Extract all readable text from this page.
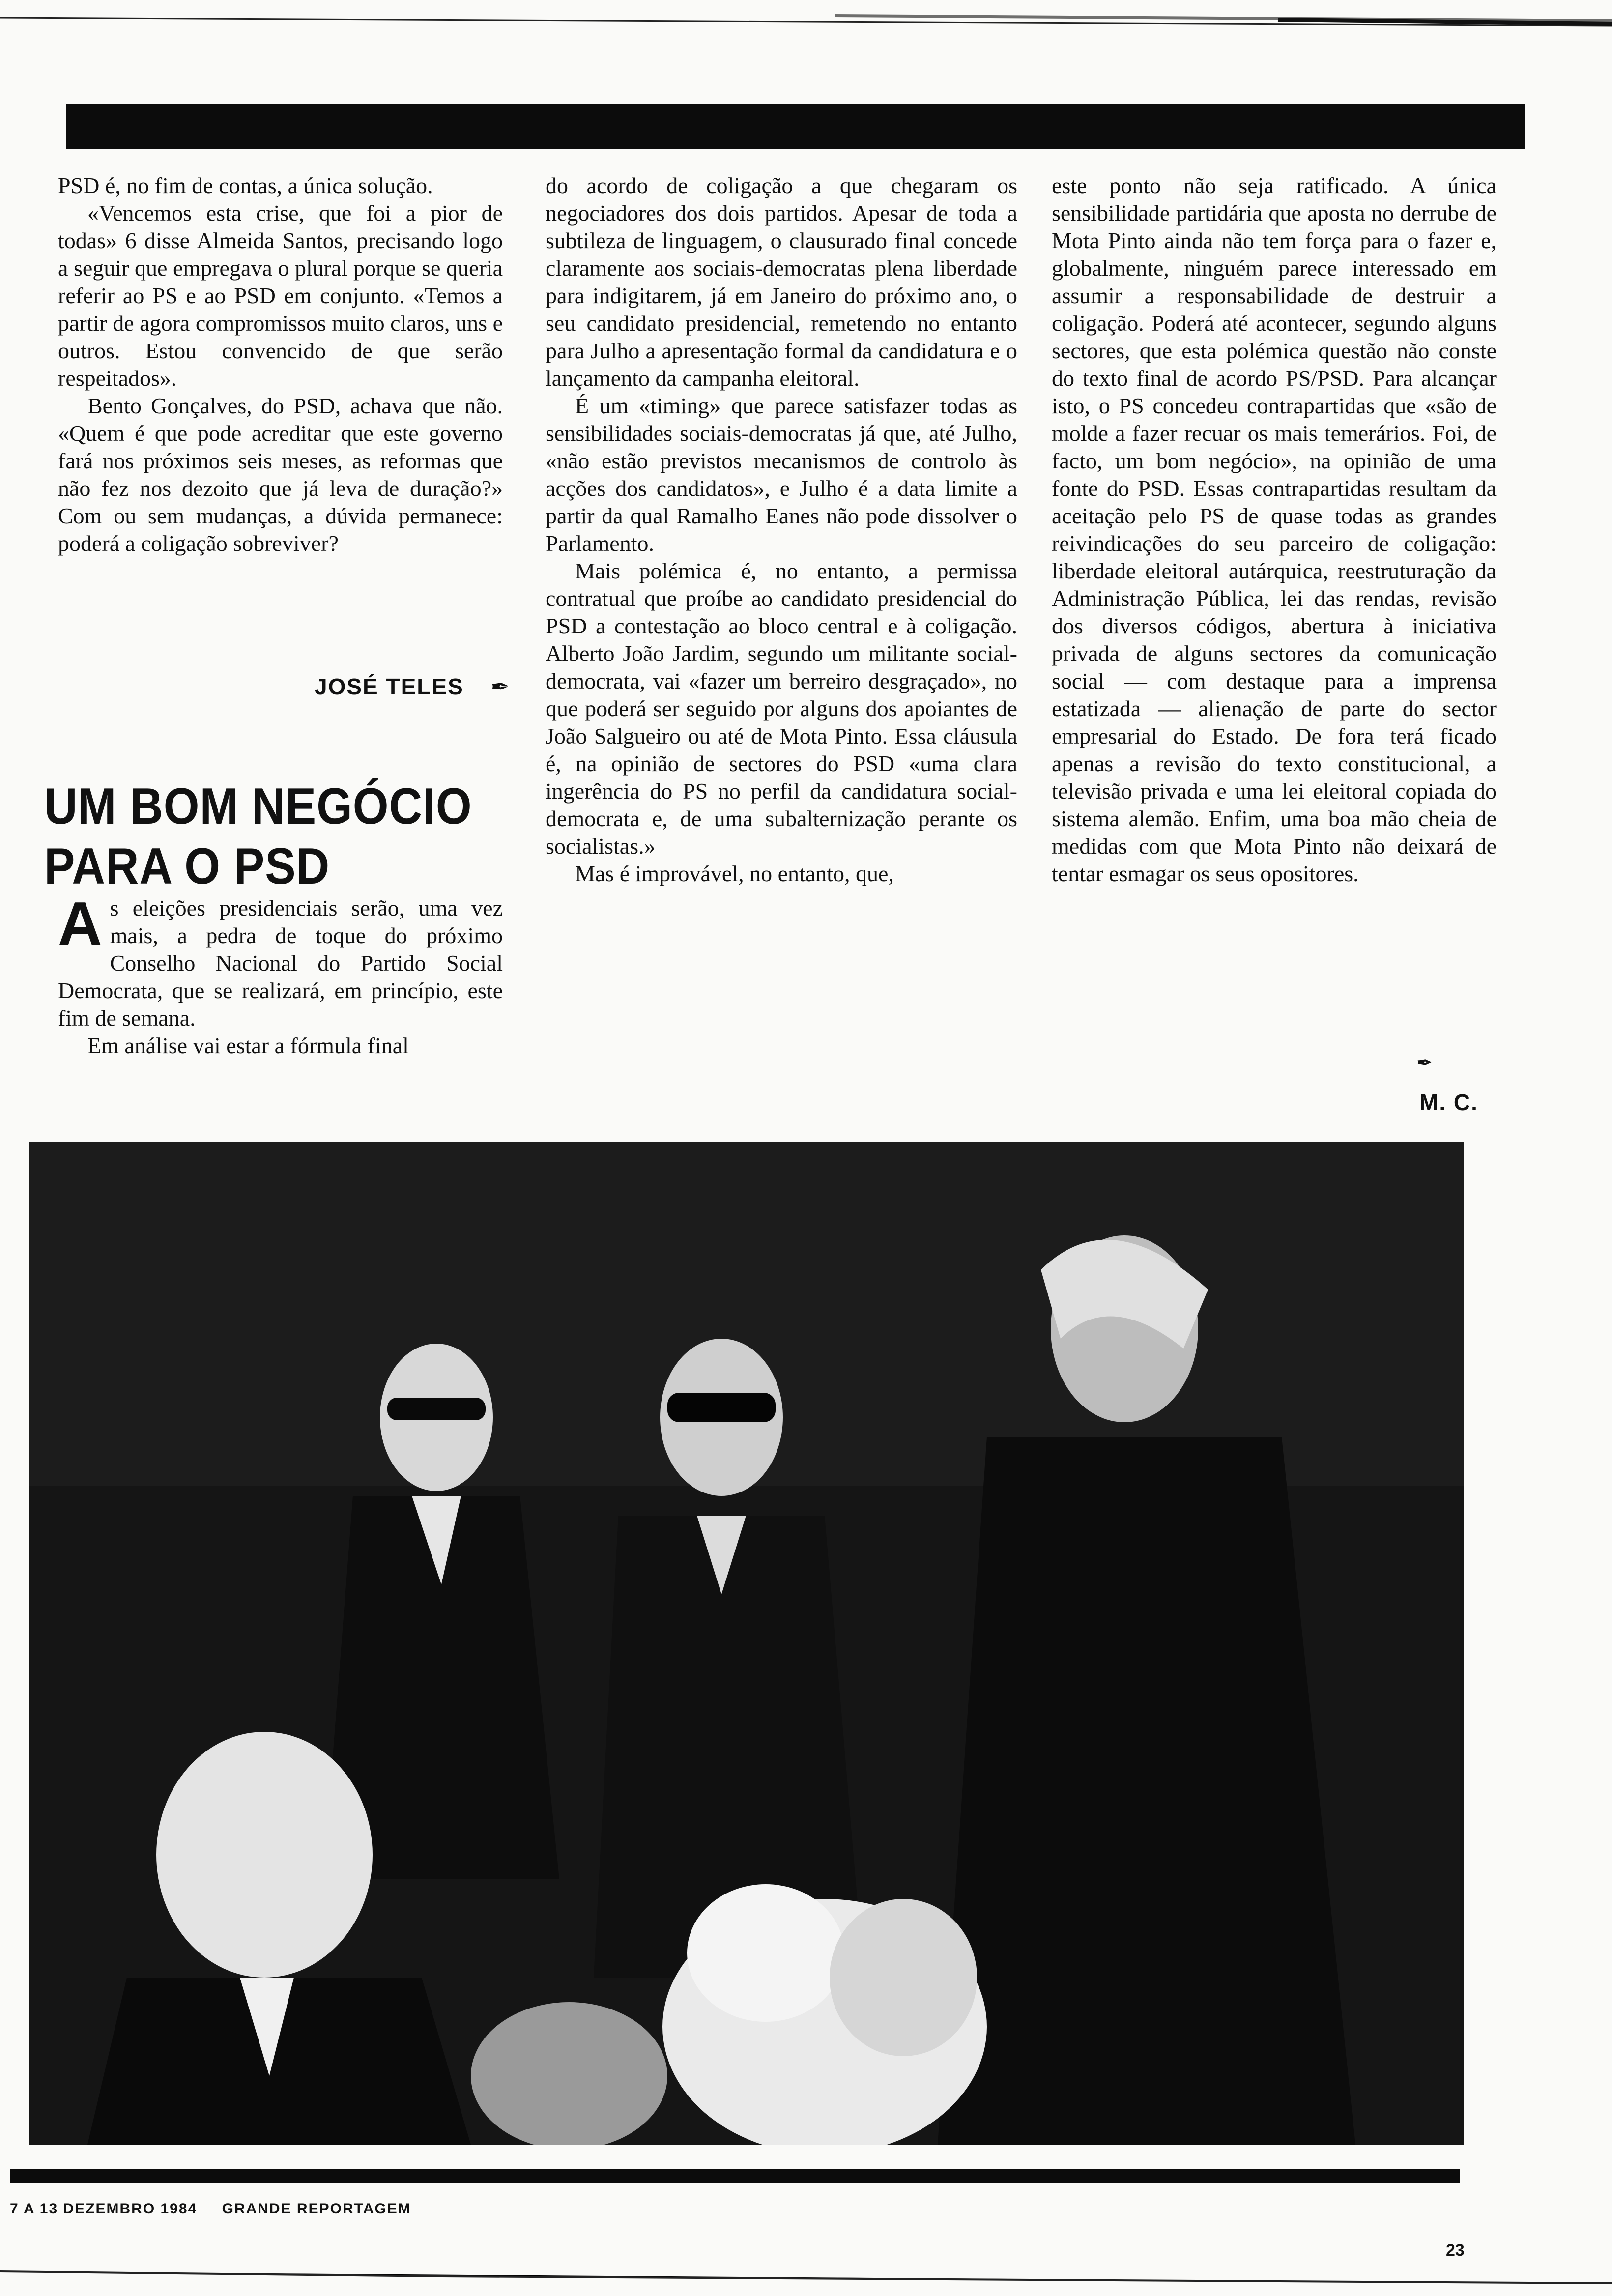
PSD é, no fim de contas, a única solução.

«Vencemos esta crise, que foi a pior de todas» 6 disse Almeida Santos, precisando logo a seguir que empregava o plural porque se queria referir ao PS e ao PSD em conjunto. «Temos a partir de agora compromissos muito claros, uns e outros. Estou convencido de que serão respeitados».

Bento Gonçalves, do PSD, achava que não. «Quem é que pode acreditar que este governo fará nos próximos seis meses, as reformas que não fez nos dezoito que já leva de duração?» Com ou sem mudanças, a dúvida permanece: poderá a coligação sobreviver?

JOSÉ TELES ✒
UM BOM NEGÓCIO
PARA O PSD
A s eleições presidenciais serão, uma vez mais, a pedra de toque do próximo Conselho Nacional do Partido Social Democrata, que se realizará, em princípio, este fim de semana.

Em análise vai estar a fórmula final

do acordo de coligação a que chegaram os negociadores dos dois partidos. Apesar de toda a subtileza de linguagem, o clausurado final concede claramente aos sociais-democratas plena liberdade para indigitarem, já em Janeiro do próximo ano, o seu candidato presidencial, remetendo no entanto para Julho a apresentação formal da candidatura e o lançamento da campanha eleitoral.

É um «timing» que parece satisfazer todas as sensibilidades sociais-democratas já que, até Julho, «não estão previstos mecanismos de controlo às acções dos candidatos», e Julho é a data limite a partir da qual Ramalho Eanes não pode dissolver o Parlamento.

Mais polémica é, no entanto, a permissa contratual que proíbe ao candidato presidencial do PSD a contestação ao bloco central e à coligação. Alberto João Jardim, segundo um militante social-democrata, vai «fazer um berreiro desgraçado», no que poderá ser seguido por alguns dos apoiantes de João Salgueiro ou até de Mota Pinto. Essa cláusula é, na opinião de sectores do PSD «uma clara ingerência do PS no perfil da candidatura social-democrata e, de uma subalternização perante os socialistas.»

Mas é improvável, no entanto, que,

este ponto não seja ratificado. A única sensibilidade partidária que aposta no derrube de Mota Pinto ainda não tem força para o fazer e, globalmente, ninguém parece interessado em assumir a responsabilidade de destruir a coligação. Poderá até acontecer, segundo alguns sectores, que esta polémica questão não conste do texto final de acordo PS/PSD. Para alcançar isto, o PS concedeu contrapartidas que «são de molde a fazer recuar os mais temerários. Foi, de facto, um bom negócio», na opinião de uma fonte do PSD. Essas contrapartidas resultam da aceitação pelo PS de quase todas as grandes reivindicações do seu parceiro de coligação: liberdade eleitoral autárquica, reestruturação da Administração Pública, lei das rendas, revisão dos diversos códigos, abertura à iniciativa privada de alguns sectores da comunicação social — com destaque para a imprensa estatizada — alienação de parte do sector empresarial do Estado. De fora terá ficado apenas a revisão do texto constitucional, a televisão privada e uma lei eleitoral copiada do sistema alemão. Enfim, uma boa mão cheia de medidas com que Mota Pinto não deixará de tentar esmagar os seus opositores.

✒
M. C.
7 A 13 DEZEMBRO 1984 GRANDE REPORTAGEM
23
